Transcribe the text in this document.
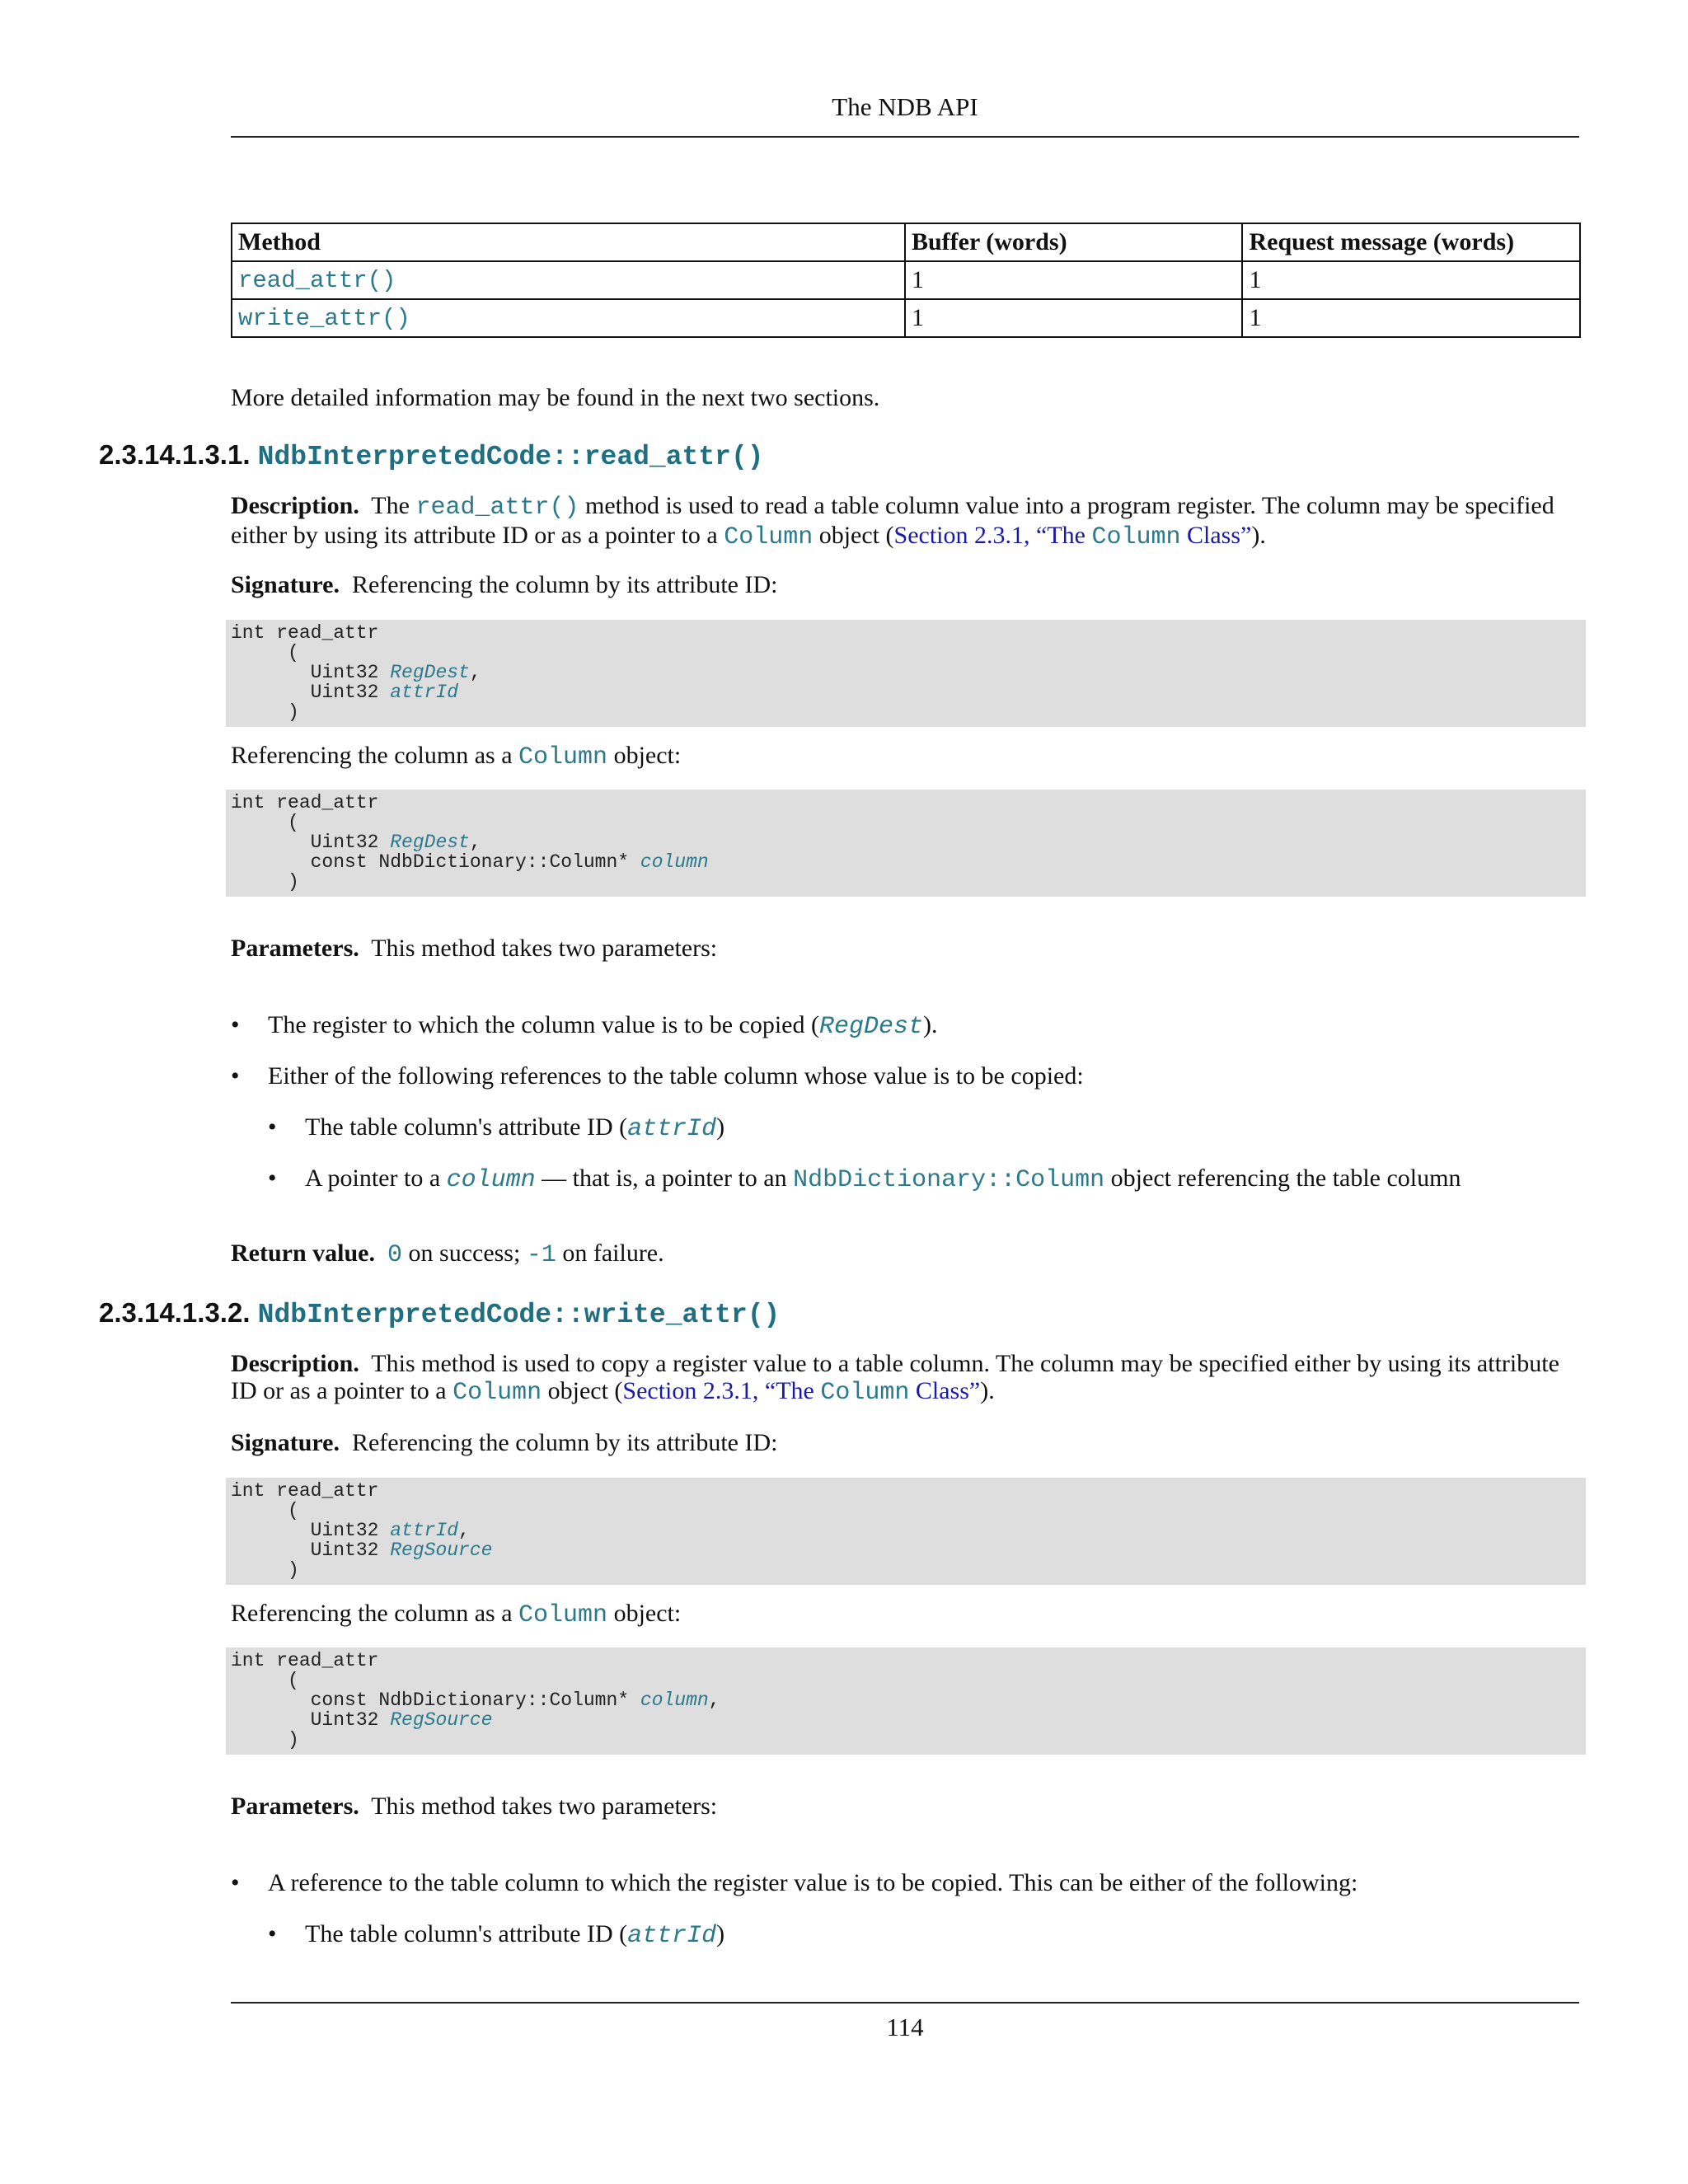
The NDB API
Method	Buffer (words)	Request message (words)
read_attr()	1	1
write_attr()	1	1
More detailed information may be found in the next two sections.
2.3.14.1.3.1. NdbInterpretedCode::read_attr()
Description. The read_attr() method is used to read a table column value into a program register. The column may be specified
either by using its attribute ID or as a pointer to a Column object (Section 2.3.1, “The Column Class”).
Signature. Referencing the column by its attribute ID:
int read_attr
(
Uint32 RegDest,
Uint32 attrId
)
Referencing the column as a Column object:
int read_attr
(
Uint32 RegDest,
const NdbDictionary::Column* column
)
Parameters. This method takes two parameters:
• The register to which the column value is to be copied (RegDest).
• Either of the following references to the table column whose value is to be copied:
• The table column's attribute ID (attrId)
• A pointer to a column — that is, a pointer to an NdbDictionary::Column object referencing the table column
Return value. 0 on success; -1 on failure.
2.3.14.1.3.2. NdbInterpretedCode::write_attr()
Description. This method is used to copy a register value to a table column. The column may be specified either by using its attribute
ID or as a pointer to a Column object (Section 2.3.1, “The Column Class”).
Signature. Referencing the column by its attribute ID:
int read_attr
(
Uint32 attrId,
Uint32 RegSource
)
Referencing the column as a Column object:
int read_attr
(
const NdbDictionary::Column* column,
Uint32 RegSource
)
Parameters. This method takes two parameters:
• A reference to the table column to which the register value is to be copied. This can be either of the following:
• The table column's attribute ID (attrId)
114
